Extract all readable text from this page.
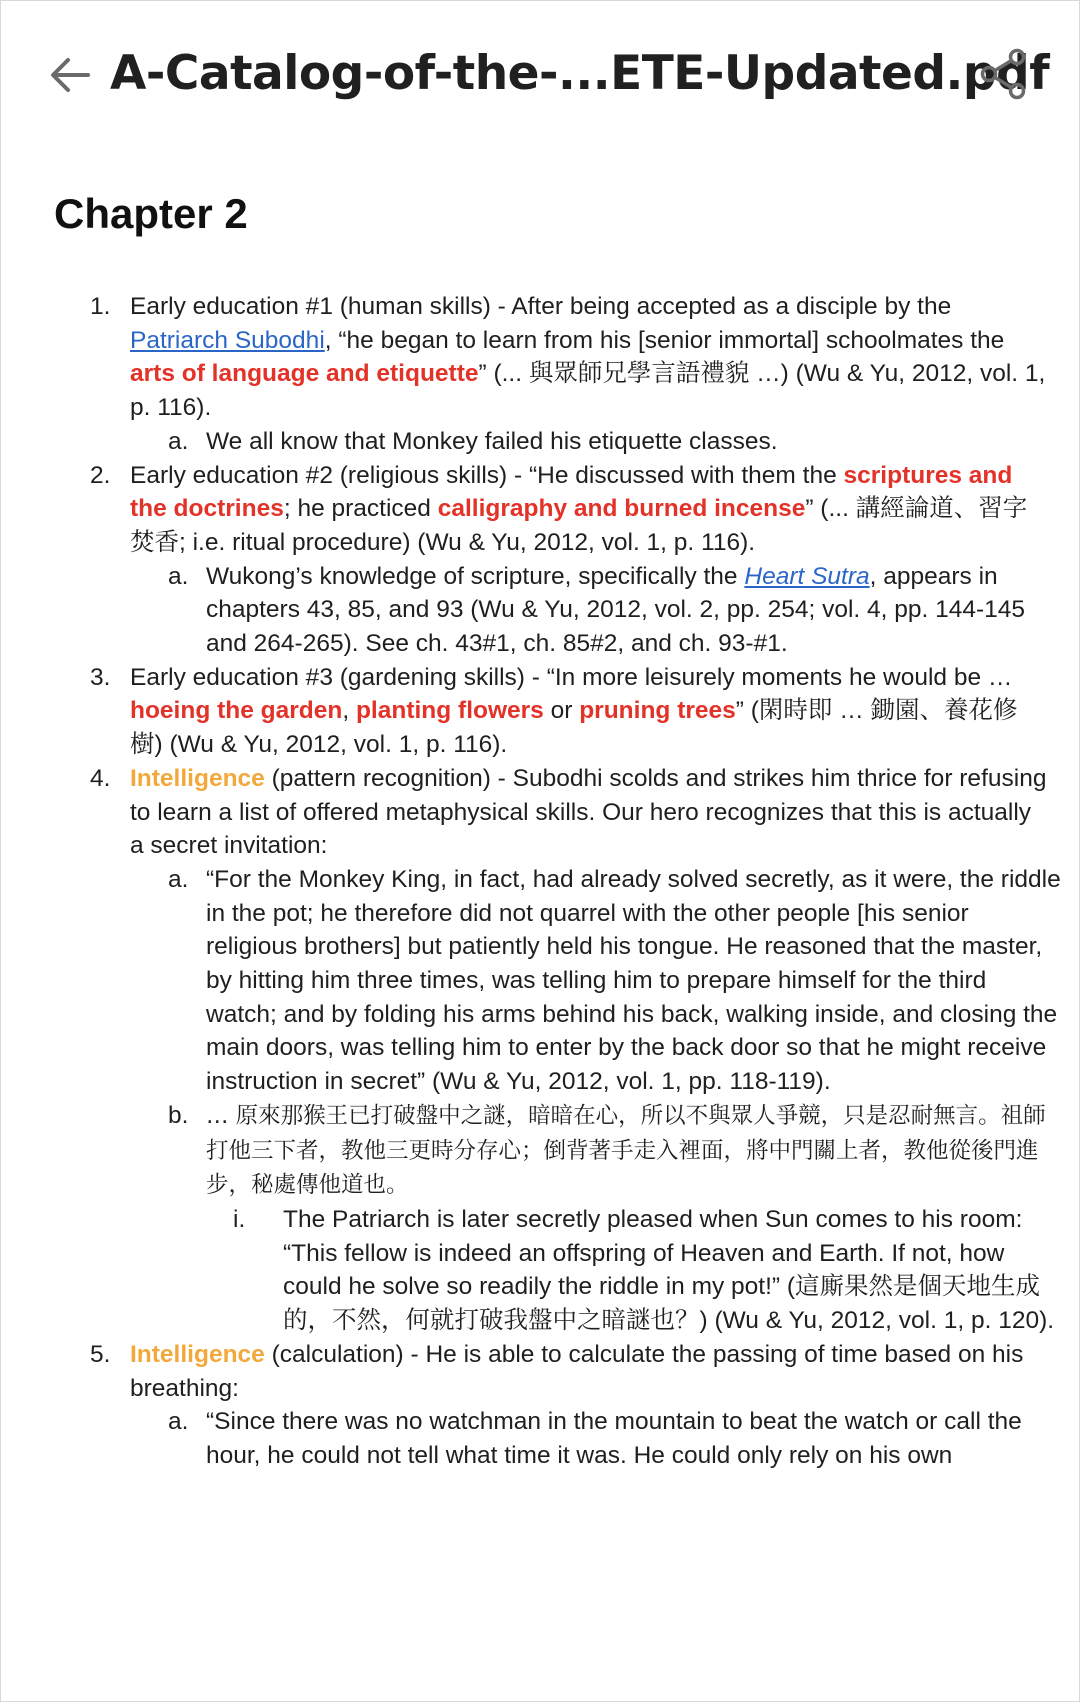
A-Catalog-of-the-...ETE-Updated.pdf
Chapter 2
1. Early education #1 (human skills) - After being accepted as a disciple by the Patriarch Subodhi, “he began to learn from his [senior immortal] schoolmates the arts of language and etiquette” (... 與眾師兄學言語禮貌 …) (Wu & Yu, 2012, vol. 1, p. 116).
a. We all know that Monkey failed his etiquette classes.
2. Early education #2 (religious skills) - “He discussed with them the scriptures and the doctrines; he practiced calligraphy and burned incense” (... 講經論道、習字焚香; i.e. ritual procedure) (Wu & Yu, 2012, vol. 1, p. 116).
a. Wukong’s knowledge of scripture, specifically the Heart Sutra, appears in chapters 43, 85, and 93 (Wu & Yu, 2012, vol. 2, pp. 254; vol. 4, pp. 144-145 and 264-265). See ch. 43#1, ch. 85#2, and ch. 93-#1.
3. Early education #3 (gardening skills) - “In more leisurely moments he would be … hoeing the garden, planting flowers or pruning trees” (閑時即 … 鋤園、養花修樹) (Wu & Yu, 2012, vol. 1, p. 116).
4. Intelligence (pattern recognition) - Subodhi scolds and strikes him thrice for refusing to learn a list of offered metaphysical skills. Our hero recognizes that this is actually a secret invitation:
a. “For the Monkey King, in fact, had already solved secretly, as it were, the riddle in the pot; he therefore did not quarrel with the other people [his senior religious brothers] but patiently held his tongue. He reasoned that the master, by hitting him three times, was telling him to prepare himself for the third watch; and by folding his arms behind his back, walking inside, and closing the main doors, was telling him to enter by the back door so that he might receive instruction in secret” (Wu & Yu, 2012, vol. 1, pp. 118-119).
b. … 原來那猴王已打破盤中之謎，暗暗在心，所以不與眾人爭競，只是忍耐無言。祖師打他三下者，教他三更時分存心；倒背著手走入裡面，將中門關上者，教他從後門進步，秘處傳他道也。
i. The Patriarch is later secretly pleased when Sun comes to his room: “This fellow is indeed an offspring of Heaven and Earth. If not, how could he solve so readily the riddle in my pot!” (這廝果然是個天地生成的，不然，何就打破我盤中之暗謎也？) (Wu & Yu, 2012, vol. 1, p. 120).
5. Intelligence (calculation) - He is able to calculate the passing of time based on his breathing:
a. “Since there was no watchman in the mountain to beat the watch or call the hour, he could not tell what time it was. He could only rely on his own
